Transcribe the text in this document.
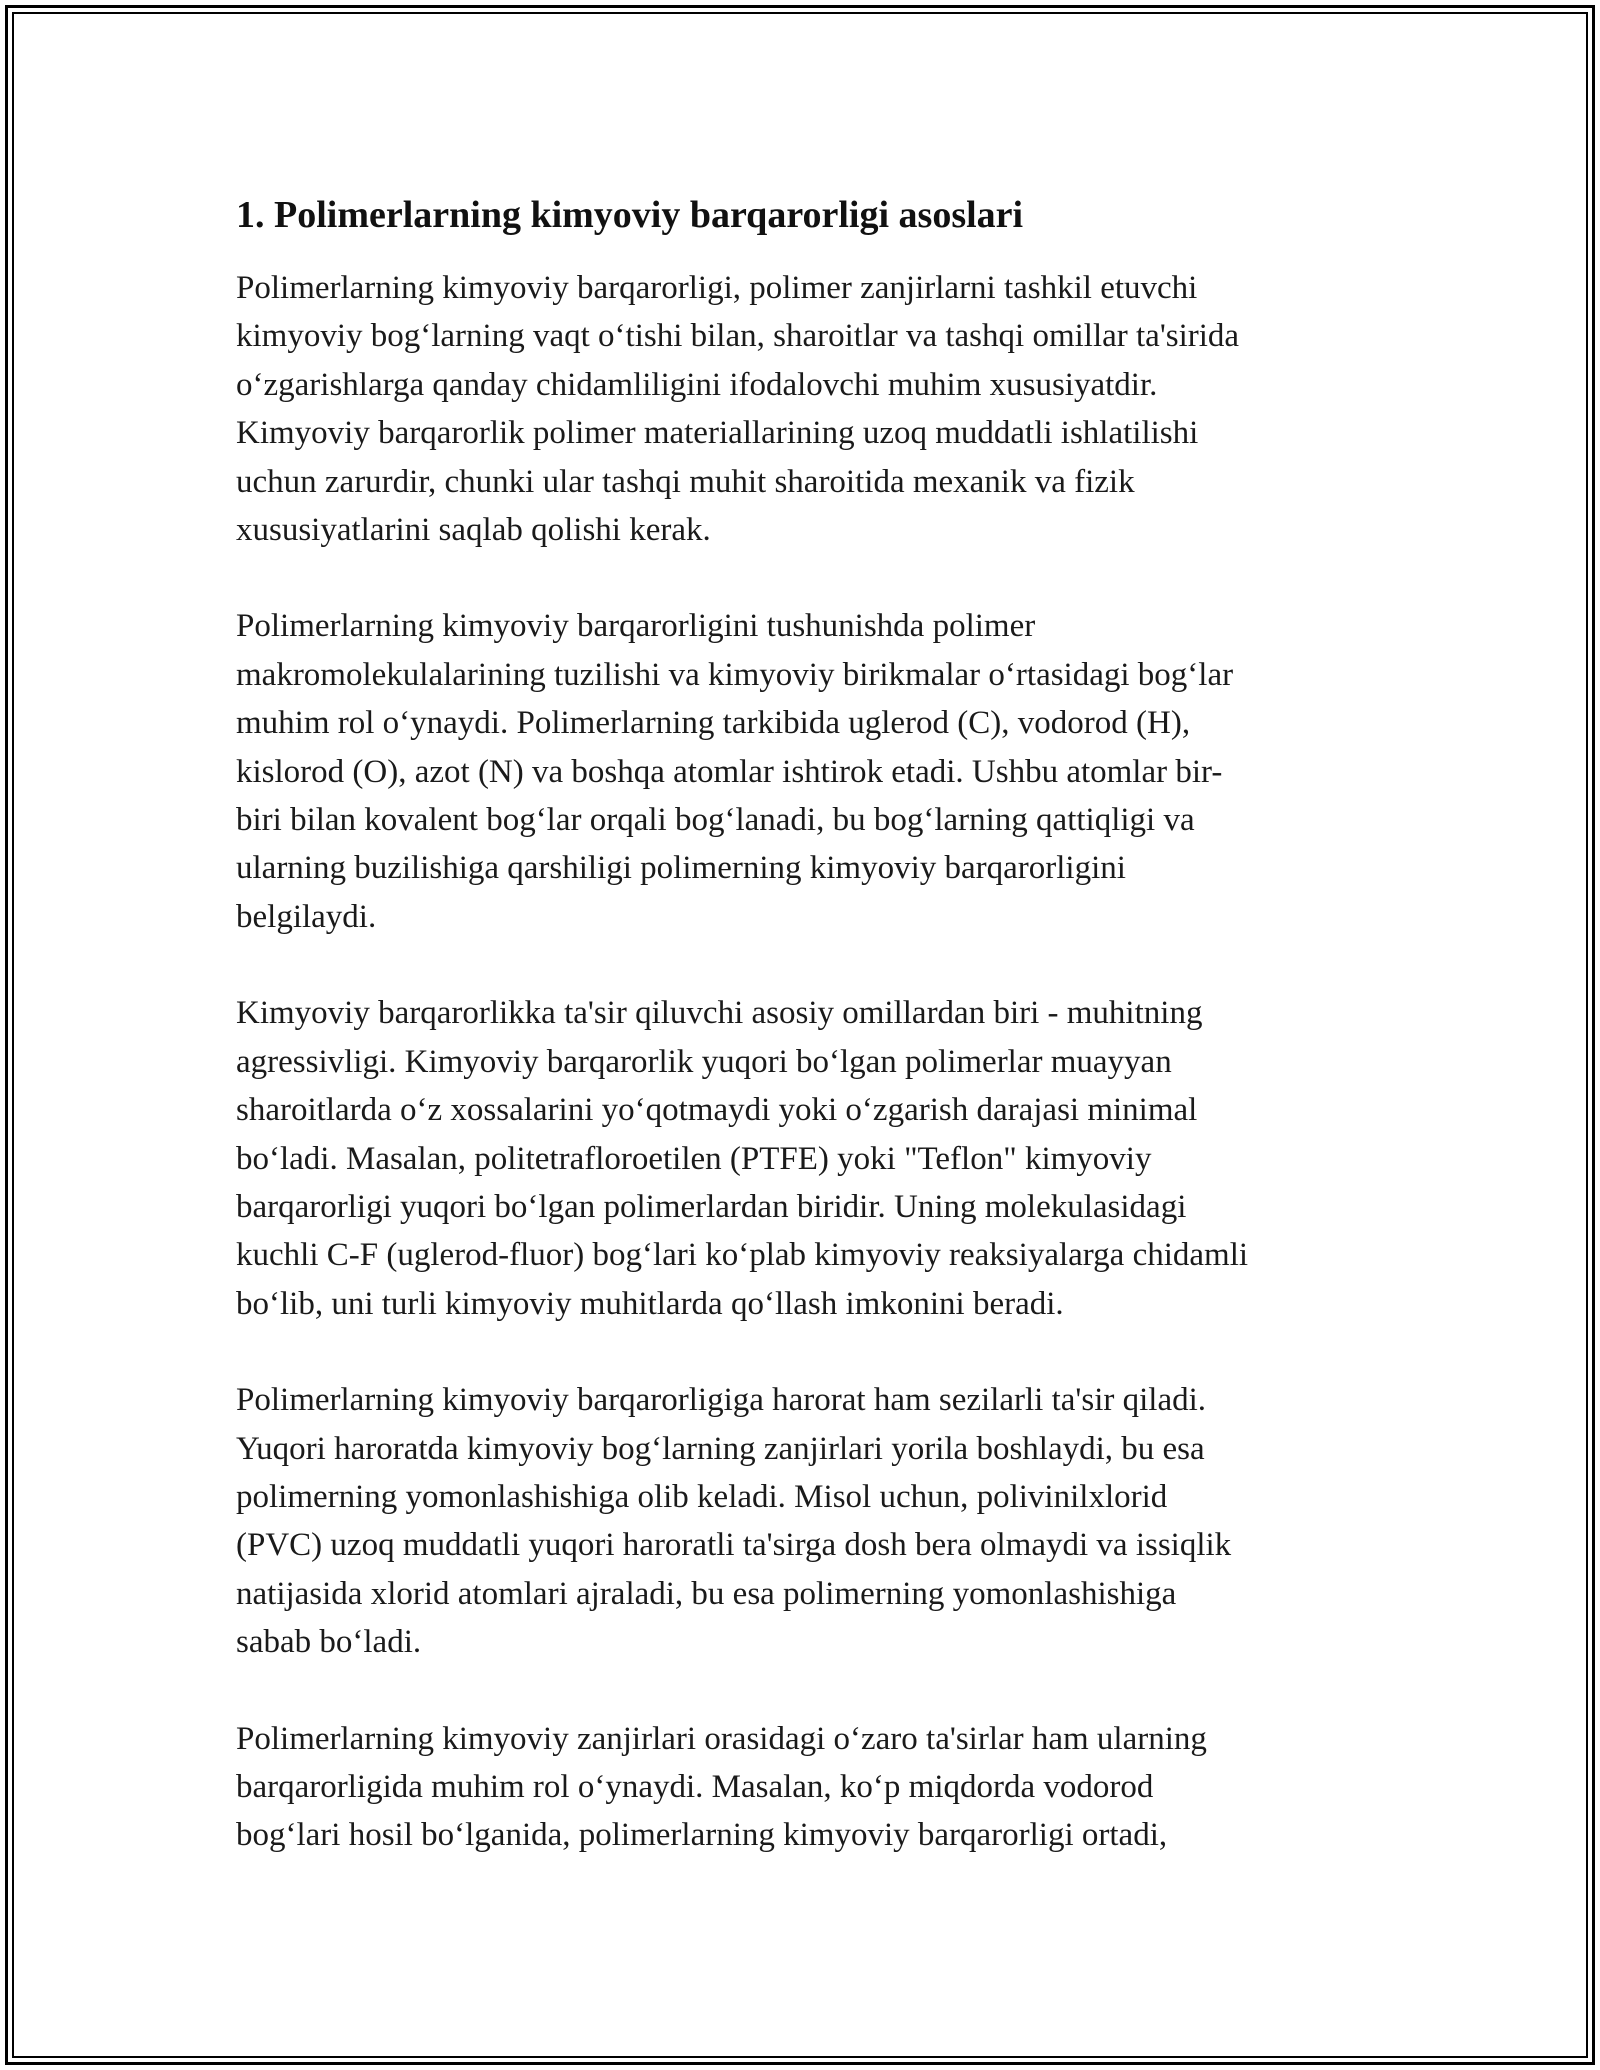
1. Polimerlarning kimyoviy barqarorligi asoslari

Polimerlarning kimyoviy barqarorligi, polimer zanjirlarni tashkil etuvchi
kimyoviy bog‘larning vaqt o‘tishi bilan, sharoitlar va tashqi omillar ta'sirida
o‘zgarishlarga qanday chidamliligini ifodalovchi muhim xususiyatdir.
Kimyoviy barqarorlik polimer materiallarining uzoq muddatli ishlatilishi
uchun zarurdir, chunki ular tashqi muhit sharoitida mexanik va fizik
xususiyatlarini saqlab qolishi kerak.

Polimerlarning kimyoviy barqarorligini tushunishda polimer
makromolekulalarining tuzilishi va kimyoviy birikmalar o‘rtasidagi bog‘lar
muhim rol o‘ynaydi. Polimerlarning tarkibida uglerod (C), vodorod (H),
kislorod (O), azot (N) va boshqa atomlar ishtirok etadi. Ushbu atomlar bir-
biri bilan kovalent bog‘lar orqali bog‘lanadi, bu bog‘larning qattiqligi va
ularning buzilishiga qarshiligi polimerning kimyoviy barqarorligini
belgilaydi.

Kimyoviy barqarorlikka ta'sir qiluvchi asosiy omillardan biri - muhitning
agressivligi. Kimyoviy barqarorlik yuqori bo‘lgan polimerlar muayyan
sharoitlarda o‘z xossalarini yo‘qotmaydi yoki o‘zgarish darajasi minimal
bo‘ladi. Masalan, politetrafloroetilen (PTFE) yoki "Teflon" kimyoviy
barqarorligi yuqori bo‘lgan polimerlardan biridir. Uning molekulasidagi
kuchli C-F (uglerod-fluor) bog‘lari ko‘plab kimyoviy reaksiyalarga chidamli
bo‘lib, uni turli kimyoviy muhitlarda qo‘llash imkonini beradi.

Polimerlarning kimyoviy barqarorligiga harorat ham sezilarli ta'sir qiladi.
Yuqori haroratda kimyoviy bog‘larning zanjirlari yorila boshlaydi, bu esa
polimerning yomonlashishiga olib keladi. Misol uchun, polivinilxlorid
(PVC) uzoq muddatli yuqori haroratli ta'sirga dosh bera olmaydi va issiqlik
natijasida xlorid atomlari ajraladi, bu esa polimerning yomonlashishiga
sabab bo‘ladi.

Polimerlarning kimyoviy zanjirlari orasidagi o‘zaro ta'sirlar ham ularning
barqarorligida muhim rol o‘ynaydi. Masalan, ko‘p miqdorda vodorod
bog‘lari hosil bo‘lganida, polimerlarning kimyoviy barqarorligi ortadi,
